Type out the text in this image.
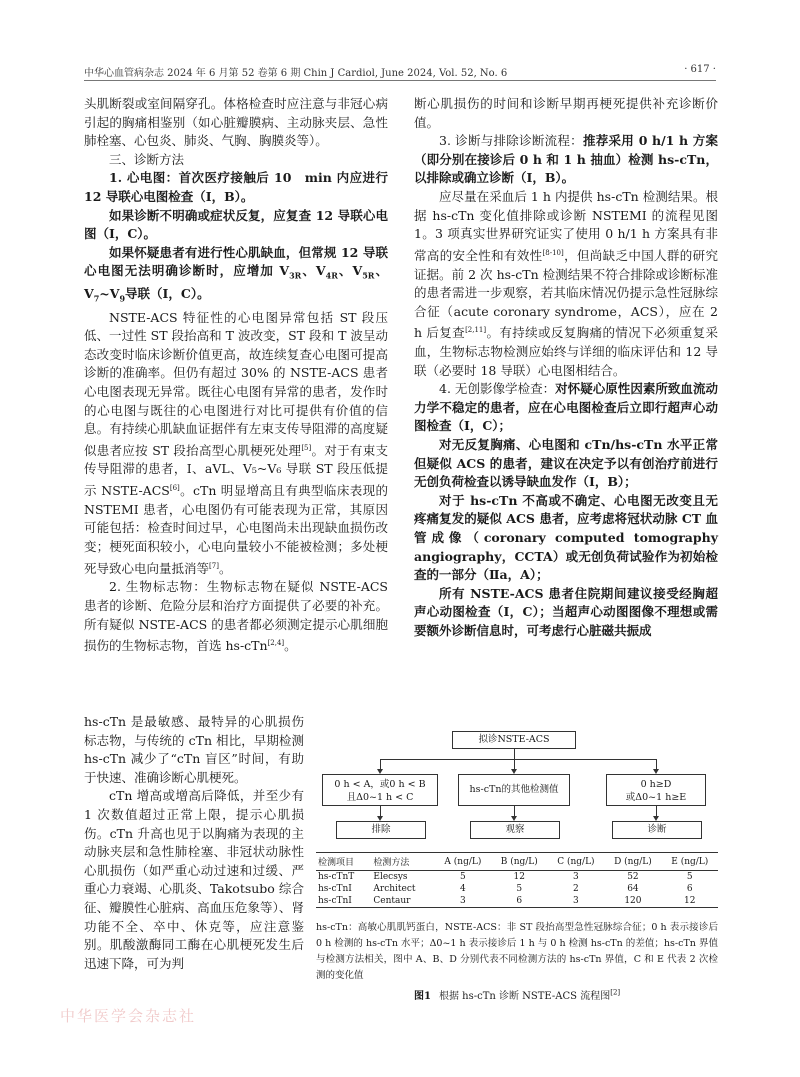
中华心血管病杂志 2024 年 6 月第 52 卷第 6 期 Chin J Cardiol, June 2024, Vol. 52, No. 6	· 617 ·

头肌断裂或室间隔穿孔。体格检查时应注意与非冠心病引起的胸痛相鉴别（如心脏瓣膜病、主动脉夹层、急性肺栓塞、心包炎、肺炎、气胸、胸膜炎等）。

三、诊断方法

1. 心电图：首次医疗接触后 10　min 内应进行 12 导联心电图检查（Ⅰ，B）。

如果诊断不明确或症状反复，应复查 12 导联心电图（Ⅰ，C）。

如果怀疑患者有进行性心肌缺血，但常规 12 导联心电图无法明确诊断时，应增加 $V_{3R}$、$V_{4R}$、$V_{5R}$、$V_7\sim V_9$导联（Ⅰ，C）。

NSTE-ACS 特征性的心电图异常包括 ST 段压低、一过性 ST 段抬高和 T 波改变，ST 段和 T 波呈动态改变时临床诊断价值更高，故连续复查心电图可提高诊断的准确率。但仍有超过 30% 的 NSTE-ACS 患者心电图表现无异常。既往心电图有异常的患者，发作时的心电图与既往的心电图进行对比可提供有价值的信息。有持续心肌缺血证据伴有左束支传导阻滞的高度疑似患者应按 ST 段抬高型心肌梗死处理[5]。对于有束支传导阻滞的患者，Ⅰ、aVL、V₅~V₆ 导联 ST 段压低提示 NSTE-ACS[6]。cTn 明显增高且有典型临床表现的 NSTEMI 患者，心电图仍有可能表现为正常，其原因可能包括：检查时间过早，心电图尚未出现缺血损伤改变；梗死面积较小，心电向量较小不能被检测；多处梗死导致心电向量抵消等[7]。

2. 生物标志物：生物标志物在疑似 NSTE-ACS 患者的诊断、危险分层和治疗方面提供了必要的补充。所有疑似 NSTE-ACS 的患者都必须测定提示心肌细胞损伤的生物标志物，首选 hs-cTn[2,4]。

hs-cTn 是最敏感、最特异的心肌损伤标志物，与传统的 cTn 相比，早期检测 hs-cTn 减少了“cTn 盲区”时间，有助于快速、准确诊断心肌梗死。

cTn 增高或增高后降低，并至少有 1 次数值超过正常上限，提示心肌损伤。cTn 升高也见于以胸痛为表现的主动脉夹层和急性肺栓塞、非冠状动脉性心肌损伤（如严重心动过速和过缓、严重心力衰竭、心肌炎、Takotsubo 综合征、瓣膜性心脏病、高血压危象等）、肾功能不全、卒中、休克等，应注意鉴别。肌酸激酶同工酶在心肌梗死发生后迅速下降，可为判

断心肌损伤的时间和诊断早期再梗死提供补充诊断价值。

3. 诊断与排除诊断流程：推荐采用 0 h/1 h 方案（即分别在接诊后 0 h 和 1 h 抽血）检测 hs-cTn，以排除或确立诊断（Ⅰ，B）。

应尽量在采血后 1 h 内提供 hs-cTn 检测结果。根据 hs-cTn 变化值排除或诊断 NSTEMI 的流程见图 1。3 项真实世界研究证实了使用 0 h/1 h 方案具有非常高的安全性和有效性[8-10]，但尚缺乏中国人群的研究证据。前 2 次 hs-cTn 检测结果不符合排除或诊断标准的患者需进一步观察，若其临床情况仍提示急性冠脉综合征（acute coronary syndrome，ACS），应在 2 h 后复查[2,11]。有持续或反复胸痛的情况下必须重复采血，生物标志物检测应始终与详细的临床评估和 12 导联（必要时 18 导联）心电图相结合。

4. 无创影像学检查：对怀疑心原性因素所致血流动力学不稳定的患者，应在心电图检查后立即行超声心动图检查（Ⅰ，C）；

对无反复胸痛、心电图和 cTn/hs-cTn 水平正常但疑似 ACS 的患者，建议在决定予以有创治疗前进行无创负荷检查以诱导缺血发作（Ⅰ，B）；

对于 hs-cTn 不高或不确定、心电图无改变且无疼痛复发的疑似 ACS 患者，应考虑将冠状动脉 CT 血管成像（coronary computed tomography angiography，CCTA）或无创负荷试验作为初始检查的一部分（Ⅱa，A）；

所有 NSTE-ACS 患者住院期间建议接受经胸超声心动图检查（Ⅰ，C）；当超声心动图图像不理想或需要额外诊断信息时，可考虑行心脏磁共振成

拟诊NSTE-ACS
0 h < A，或0 h < B
且Δ0~1 h < C
hs-cTn的其他检测值	0 h≥D
或Δ0~1 h≥E
排除	观察	诊断
检测项目	检测方法	A (ng/L)	B (ng/L)	C (ng/L)	D (ng/L)	E (ng/L)
hs-cTnT	Elecsys	5	12	3	52	5
hs-cTnI	Architect	4	5	2	64	6
hs-cTnI	Centaur	3	6	3	120	12
hs-cTn：高敏心肌肌钙蛋白，NSTE-ACS：非 ST 段抬高型急性冠脉综合征；0 h 表示接诊后 0 h 检测的 hs-cTn 水平；Δ0~1 h 表示接诊后 1 h 与 0 h 检测 hs-cTn 的差值；hs-cTn 界值与检测方法相关，图中 A、B、D 分别代表不同检测方法的 hs-cTn 界值，C 和 E 代表 2 次检测的变化值
图1 根据 hs-cTn 诊断 NSTE-ACS 流程图[2]
中华医学会杂志社
